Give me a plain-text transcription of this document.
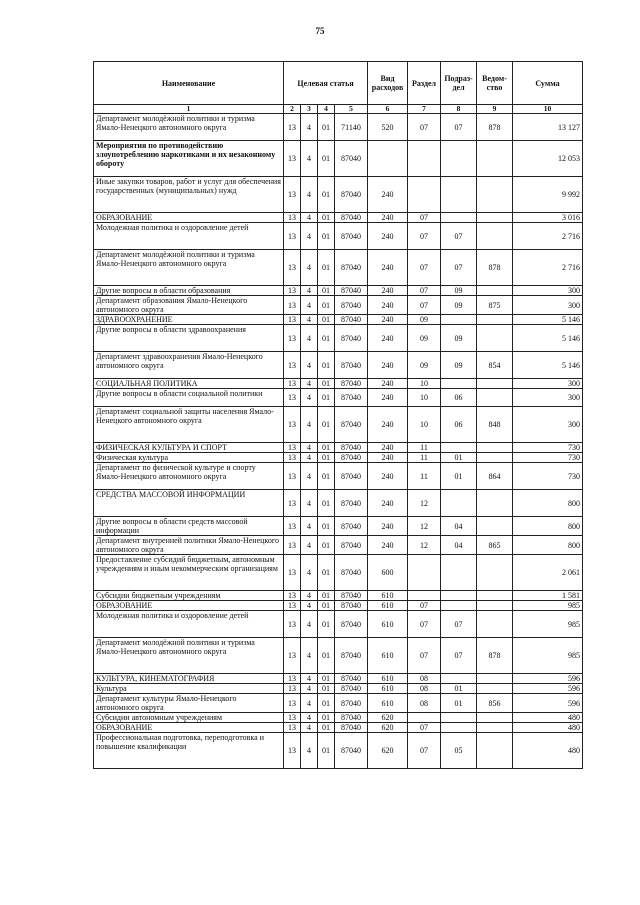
75
Наименование	Целевая статья				Вид расходов	Раздел	Подраз-дел	Ведом-ство	Сумма
1	2	3	4	5	6	7	8	9	10
Департамент молодёжной политики и туризма Ямало-Ненецкого автономного округа	13	4	01	71140	520	07	07	878	13 127
Мероприятия по противодействию злоупотреблению наркотиками и их незаконному обороту	13	4	01	87040					12 053
Иные закупки товаров, работ и услуг для обеспечения государственных (муниципальных) нужд	13	4	01	87040	240				9 992
ОБРАЗОВАНИЕ	13	4	01	87040	240	07			3 016
Молодежная политика и оздоровление детей	13	4	01	87040	240	07	07		2 716
Департамент молодёжной политики и туризма Ямало-Ненецкого автономного округа	13	4	01	87040	240	07	07	878	2 716
Другие вопросы в области образования	13	4	01	87040	240	07	09		300
Департамент образования Ямало-Ненецкого автономного округа	13	4	01	87040	240	07	09	875	300
ЗДРАВООХРАНЕНИЕ	13	4	01	87040	240	09			5 146
Другие вопросы в области здравоохранения	13	4	01	87040	240	09	09		5 146
Департамент здравоохранения Ямало-Ненецкого автономного округа	13	4	01	87040	240	09	09	854	5 146
СОЦИАЛЬНАЯ ПОЛИТИКА	13	4	01	87040	240	10			300
Другие вопросы в области социальной политики	13	4	01	87040	240	10	06		300
Департамент социальной защиты населения Ямало-Ненецкого автономного округа	13	4	01	87040	240	10	06	848	300
ФИЗИЧЕСКАЯ КУЛЬТУРА И СПОРТ	13	4	01	87040	240	11			730
Физическая культура	13	4	01	87040	240	11	01		730
Департамент по физической культуре и спорту Ямало-Ненецкого автономного округа	13	4	01	87040	240	11	01	864	730
СРЕДСТВА МАССОВОЙ ИНФОРМАЦИИ	13	4	01	87040	240	12			800
Другие вопросы в области средств массовой информации	13	4	01	87040	240	12	04		800
Департамент внутренней политики Ямало-Ненецкого автономного округа	13	4	01	87040	240	12	04	865	800
Предоставление субсидий бюджетным, автономным учреждениям и иным некоммерческим организациям	13	4	01	87040	600				2 061
Субсидии бюджетным учреждениям	13	4	01	87040	610				1 581
ОБРАЗОВАНИЕ	13	4	01	87040	610	07			985
Молодежная политика и оздоровление детей	13	4	01	87040	610	07	07		985
Департамент молодёжной политики и туризма Ямало-Ненецкого автономного округа	13	4	01	87040	610	07	07	878	985
КУЛЬТУРА, КИНЕМАТОГРАФИЯ	13	4	01	87040	610	08			596
Культура	13	4	01	87040	610	08	01		596
Департамент культуры Ямало-Ненецкого автономного округа	13	4	01	87040	610	08	01	856	596
Субсидии автономным учреждениям	13	4	01	87040	620				480
ОБРАЗОВАНИЕ	13	4	01	87040	620	07			480
Профессиональная подготовка, переподготовка и повышение квалификации	13	4	01	87040	620	07	05		480
